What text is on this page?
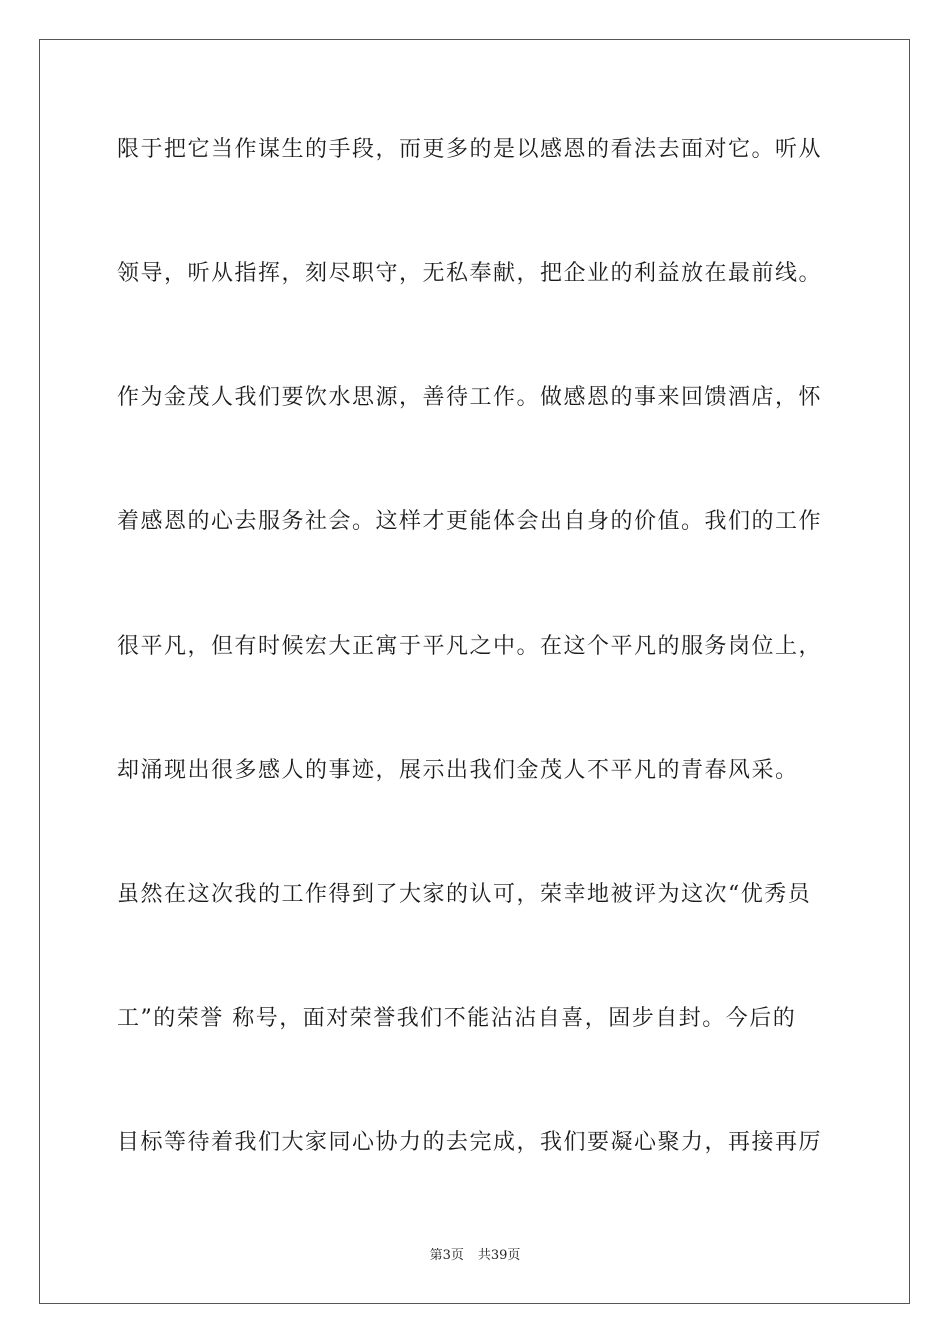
限于把它当作谋生的手段，而更多的是以感恩的看法去面对它。听从
领导，听从指挥，刻尽职守，无私奉献，把企业的利益放在最前线。
作为金茂人我们要饮水思源，善待工作。做感恩的事来回馈酒店，怀
着感恩的心去服务社会。这样才更能体会出自身的价值。我们的工作
很平凡，但有时候宏大正寓于平凡之中。在这个平凡的服务岗位上，
却涌现出很多感人的事迹，展示出我们金茂人不平凡的青春风采。
虽然在这次我的工作得到了大家的认可，荣幸地被评为这次“优秀员
工”的荣誉 称号，面对荣誉我们不能沾沾自喜，固步自封。今后的
目标等待着我们大家同心协力的去完成，我们要凝心聚力，再接再厉
第3页 共39页
